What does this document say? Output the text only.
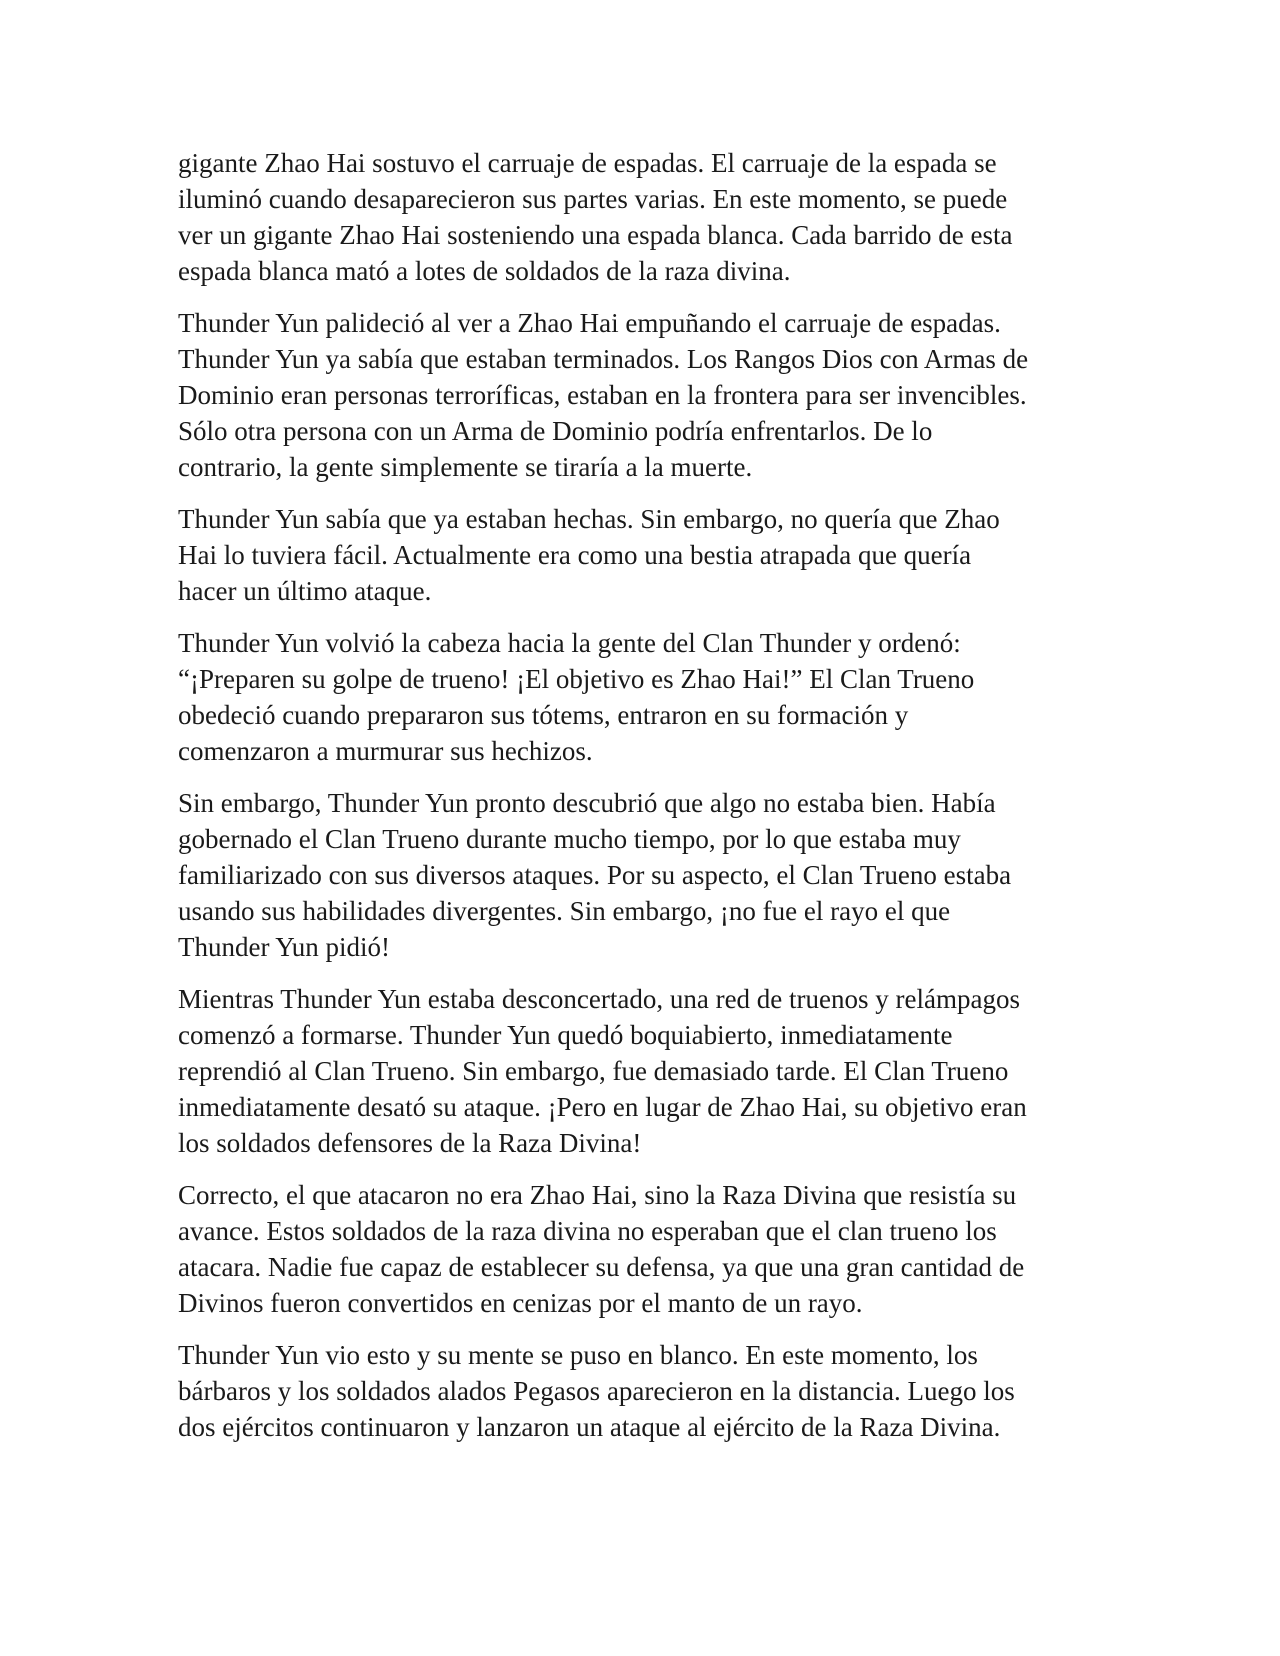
gigante Zhao Hai sostuvo el carruaje de espadas. El carruaje de la espada se
iluminó cuando desaparecieron sus partes varias. En este momento, se puede
ver un gigante Zhao Hai sosteniendo una espada blanca. Cada barrido de esta
espada blanca mató a lotes de soldados de la raza divina.

Thunder Yun palideció al ver a Zhao Hai empuñando el carruaje de espadas.
Thunder Yun ya sabía que estaban terminados. Los Rangos Dios con Armas de
Dominio eran personas terroríficas, estaban en la frontera para ser invencibles.
Sólo otra persona con un Arma de Dominio podría enfrentarlos. De lo
contrario, la gente simplemente se tiraría a la muerte.

Thunder Yun sabía que ya estaban hechas. Sin embargo, no quería que Zhao
Hai lo tuviera fácil. Actualmente era como una bestia atrapada que quería
hacer un último ataque.

Thunder Yun volvió la cabeza hacia la gente del Clan Thunder y ordenó:
“¡Preparen su golpe de trueno! ¡El objetivo es Zhao Hai!” El Clan Trueno
obedeció cuando prepararon sus tótems, entraron en su formación y
comenzaron a murmurar sus hechizos.

Sin embargo, Thunder Yun pronto descubrió que algo no estaba bien. Había
gobernado el Clan Trueno durante mucho tiempo, por lo que estaba muy
familiarizado con sus diversos ataques. Por su aspecto, el Clan Trueno estaba
usando sus habilidades divergentes. Sin embargo, ¡no fue el rayo el que
Thunder Yun pidió!

Mientras Thunder Yun estaba desconcertado, una red de truenos y relámpagos
comenzó a formarse. Thunder Yun quedó boquiabierto, inmediatamente
reprendió al Clan Trueno. Sin embargo, fue demasiado tarde. El Clan Trueno
inmediatamente desató su ataque. ¡Pero en lugar de Zhao Hai, su objetivo eran
los soldados defensores de la Raza Divina!

Correcto, el que atacaron no era Zhao Hai, sino la Raza Divina que resistía su
avance. Estos soldados de la raza divina no esperaban que el clan trueno los
atacara. Nadie fue capaz de establecer su defensa, ya que una gran cantidad de
Divinos fueron convertidos en cenizas por el manto de un rayo.

Thunder Yun vio esto y su mente se puso en blanco. En este momento, los
bárbaros y los soldados alados Pegasos aparecieron en la distancia. Luego los
dos ejércitos continuaron y lanzaron un ataque al ejército de la Raza Divina.
